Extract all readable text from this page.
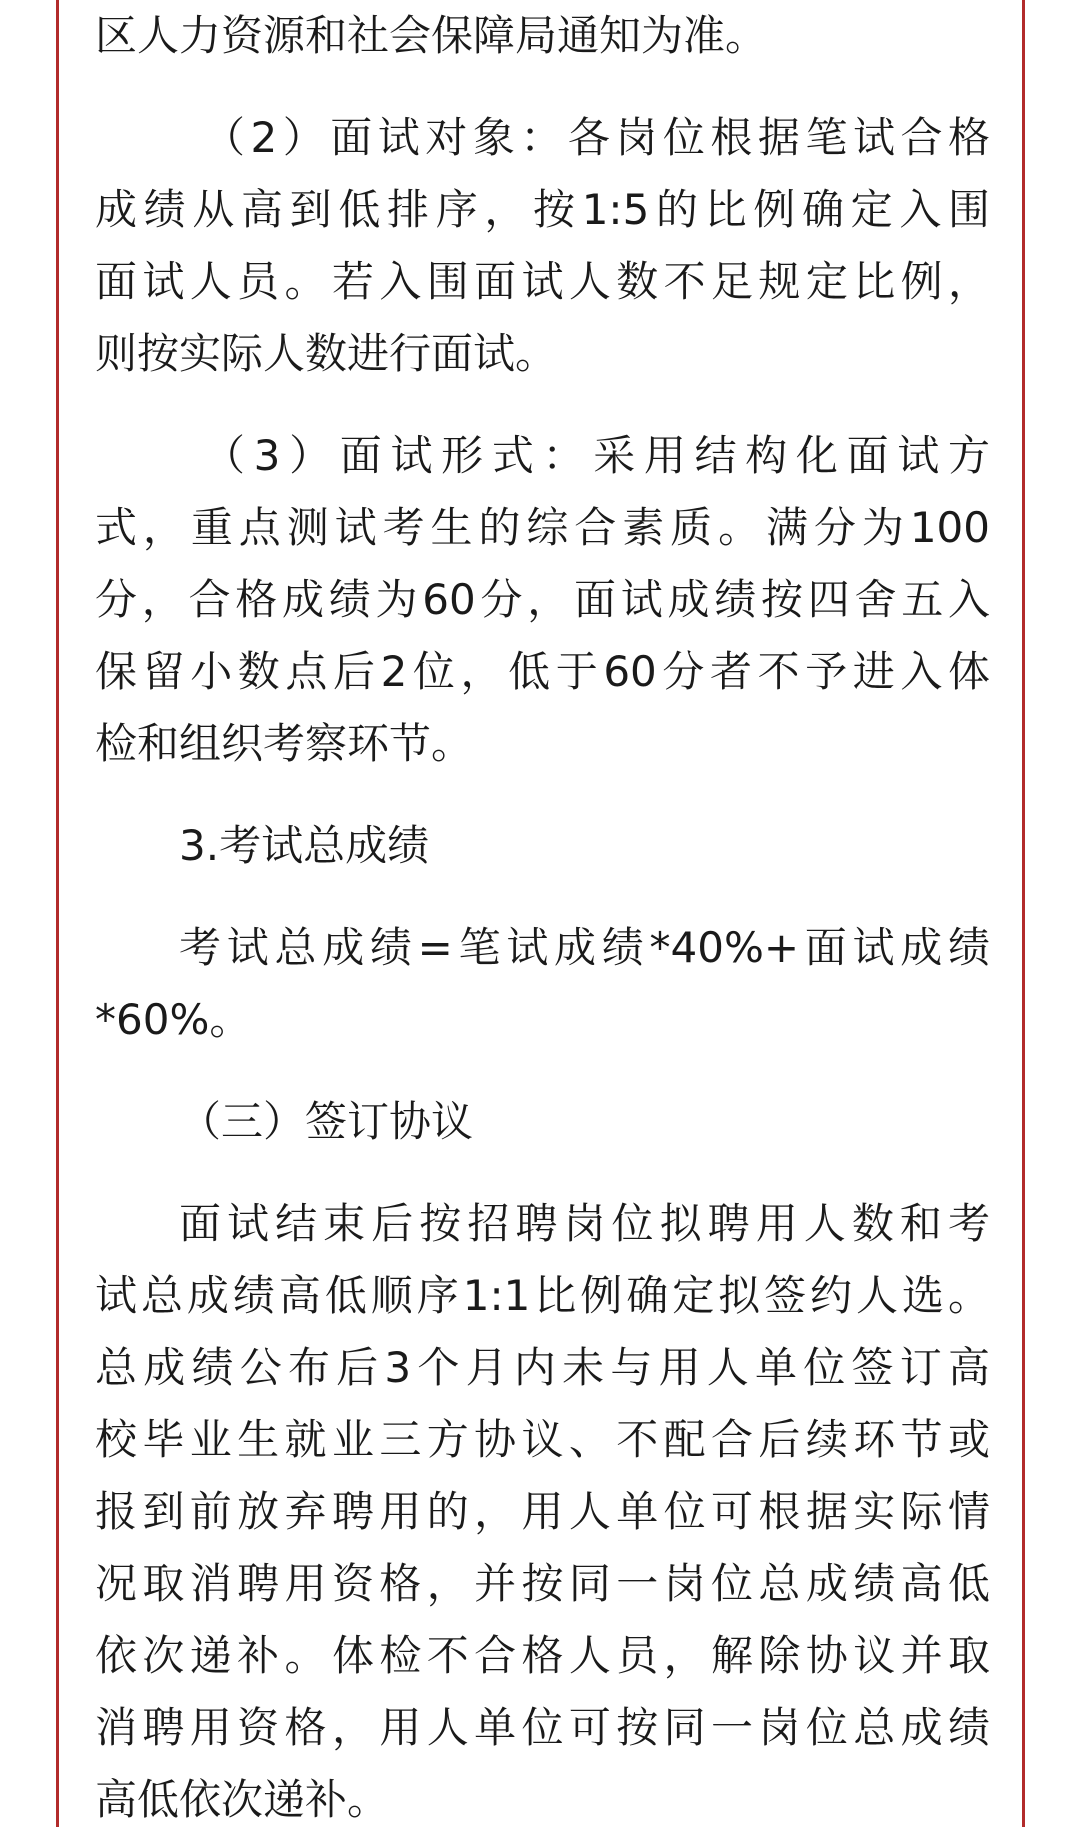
区人力资源和社会保障局通知为准。
（2）面试对象：各岗位根据笔试合格
成绩从高到低排序，按1:5的比例确定入围
面试人员。若入围面试人数不足规定比例，
则按实际人数进行面试。
（3）面试形式：采用结构化面试方
式，重点测试考生的综合素质。满分为100
分，合格成绩为60分，面试成绩按四舍五入
保留小数点后2位，低于60分者不予进入体
检和组织考察环节。
3.考试总成绩
考试总成绩=笔试成绩*40%+面试成绩
*60%。
（三）签订协议
面试结束后按招聘岗位拟聘用人数和考
试总成绩高低顺序1:1比例确定拟签约人选。
总成绩公布后3个月内未与用人单位签订高
校毕业生就业三方协议、不配合后续环节或
报到前放弃聘用的，用人单位可根据实际情
况取消聘用资格，并按同一岗位总成绩高低
依次递补。体检不合格人员，解除协议并取
消聘用资格，用人单位可按同一岗位总成绩
高低依次递补。
